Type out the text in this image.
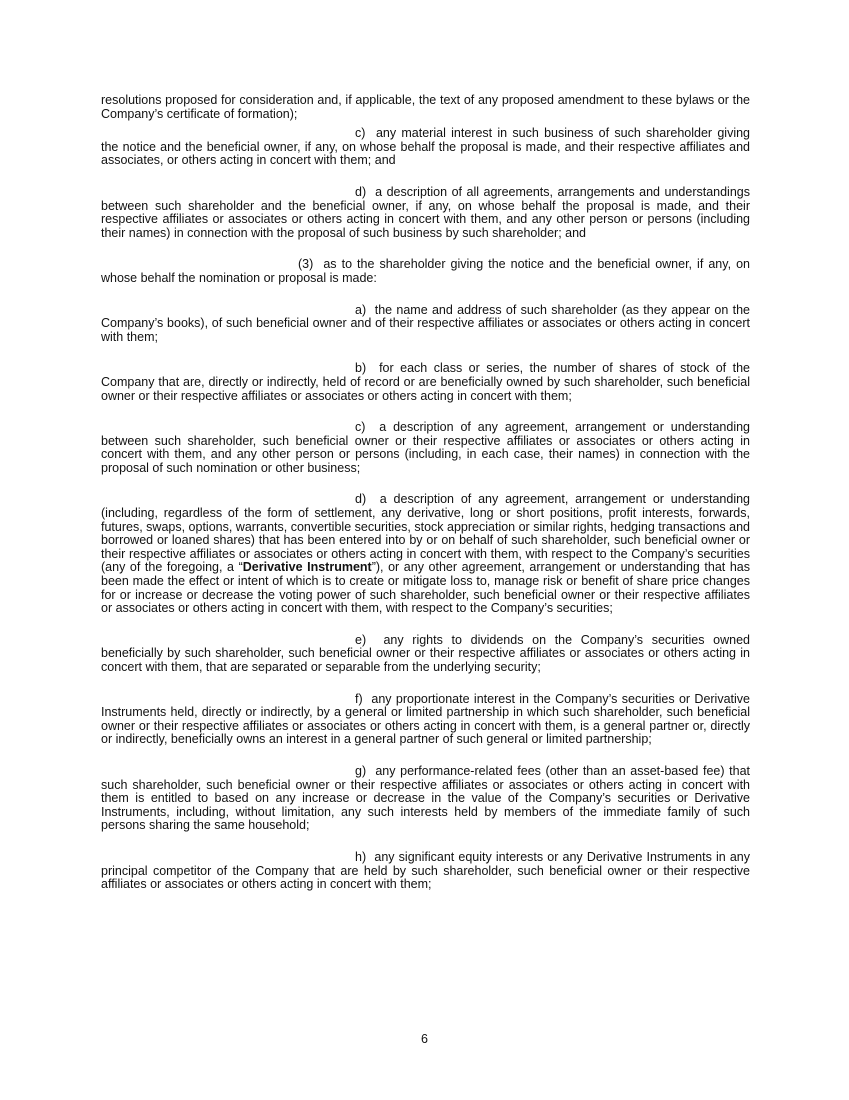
resolutions proposed for consideration and, if applicable, the text of any proposed amendment to these bylaws or the Company’s certificate of formation);

c)  any material interest in such business of such shareholder giving the notice and the beneficial owner, if any, on whose behalf the proposal is made, and their respective affiliates and associates, or others acting in concert with them; and

d)  a description of all agreements, arrangements and understandings between such shareholder and the beneficial owner, if any, on whose behalf the proposal is made, and their respective affiliates or associates or others acting in concert with them, and any other person or persons (including their names) in connection with the proposal of such business by such shareholder; and

(3)  as to the shareholder giving the notice and the beneficial owner, if any, on whose behalf the nomination or proposal is made:

a)  the name and address of such shareholder (as they appear on the Company’s books), of such beneficial owner and of their respective affiliates or associates or others acting in concert with them;

b)  for each class or series, the number of shares of stock of the Company that are, directly or indirectly, held of record or are beneficially owned by such shareholder, such beneficial owner or their respective affiliates or associates or others acting in concert with them;

c)  a description of any agreement, arrangement or understanding between such shareholder, such beneficial owner or their respective affiliates or associates or others acting in concert with them, and any other person or persons (including, in each case, their names) in connection with the proposal of such nomination or other business;

d)  a description of any agreement, arrangement or understanding (including, regardless of the form of settlement, any derivative, long or short positions, profit interests, forwards, futures, swaps, options, warrants, convertible securities, stock appreciation or similar rights, hedging transactions and borrowed or loaned shares) that has been entered into by or on behalf of such shareholder, such beneficial owner or their respective affiliates or associates or others acting in concert with them, with respect to the Company’s securities (any of the foregoing, a “Derivative Instrument”), or any other agreement, arrangement or understanding that has been made the effect or intent of which is to create or mitigate loss to, manage risk or benefit of share price changes for or increase or decrease the voting power of such shareholder, such beneficial owner or their respective affiliates or associates or others acting in concert with them, with respect to the Company’s securities;

e)  any rights to dividends on the Company’s securities owned beneficially by such shareholder, such beneficial owner or their respective affiliates or associates or others acting in concert with them, that are separated or separable from the underlying security;

f)  any proportionate interest in the Company’s securities or Derivative Instruments held, directly or indirectly, by a general or limited partnership in which such shareholder, such beneficial owner or their respective affiliates or associates or others acting in concert with them, is a general partner or, directly or indirectly, beneficially owns an interest in a general partner of such general or limited partnership;

g)  any performance-related fees (other than an asset-based fee) that such shareholder, such beneficial owner or their respective affiliates or associates or others acting in concert with them is entitled to based on any increase or decrease in the value of the Company’s securities or Derivative Instruments, including, without limitation, any such interests held by members of the immediate family of such persons sharing the same household;

h)  any significant equity interests or any Derivative Instruments in any principal competitor of the Company that are held by such shareholder, such beneficial owner or their respective affiliates or associates or others acting in concert with them;

6
